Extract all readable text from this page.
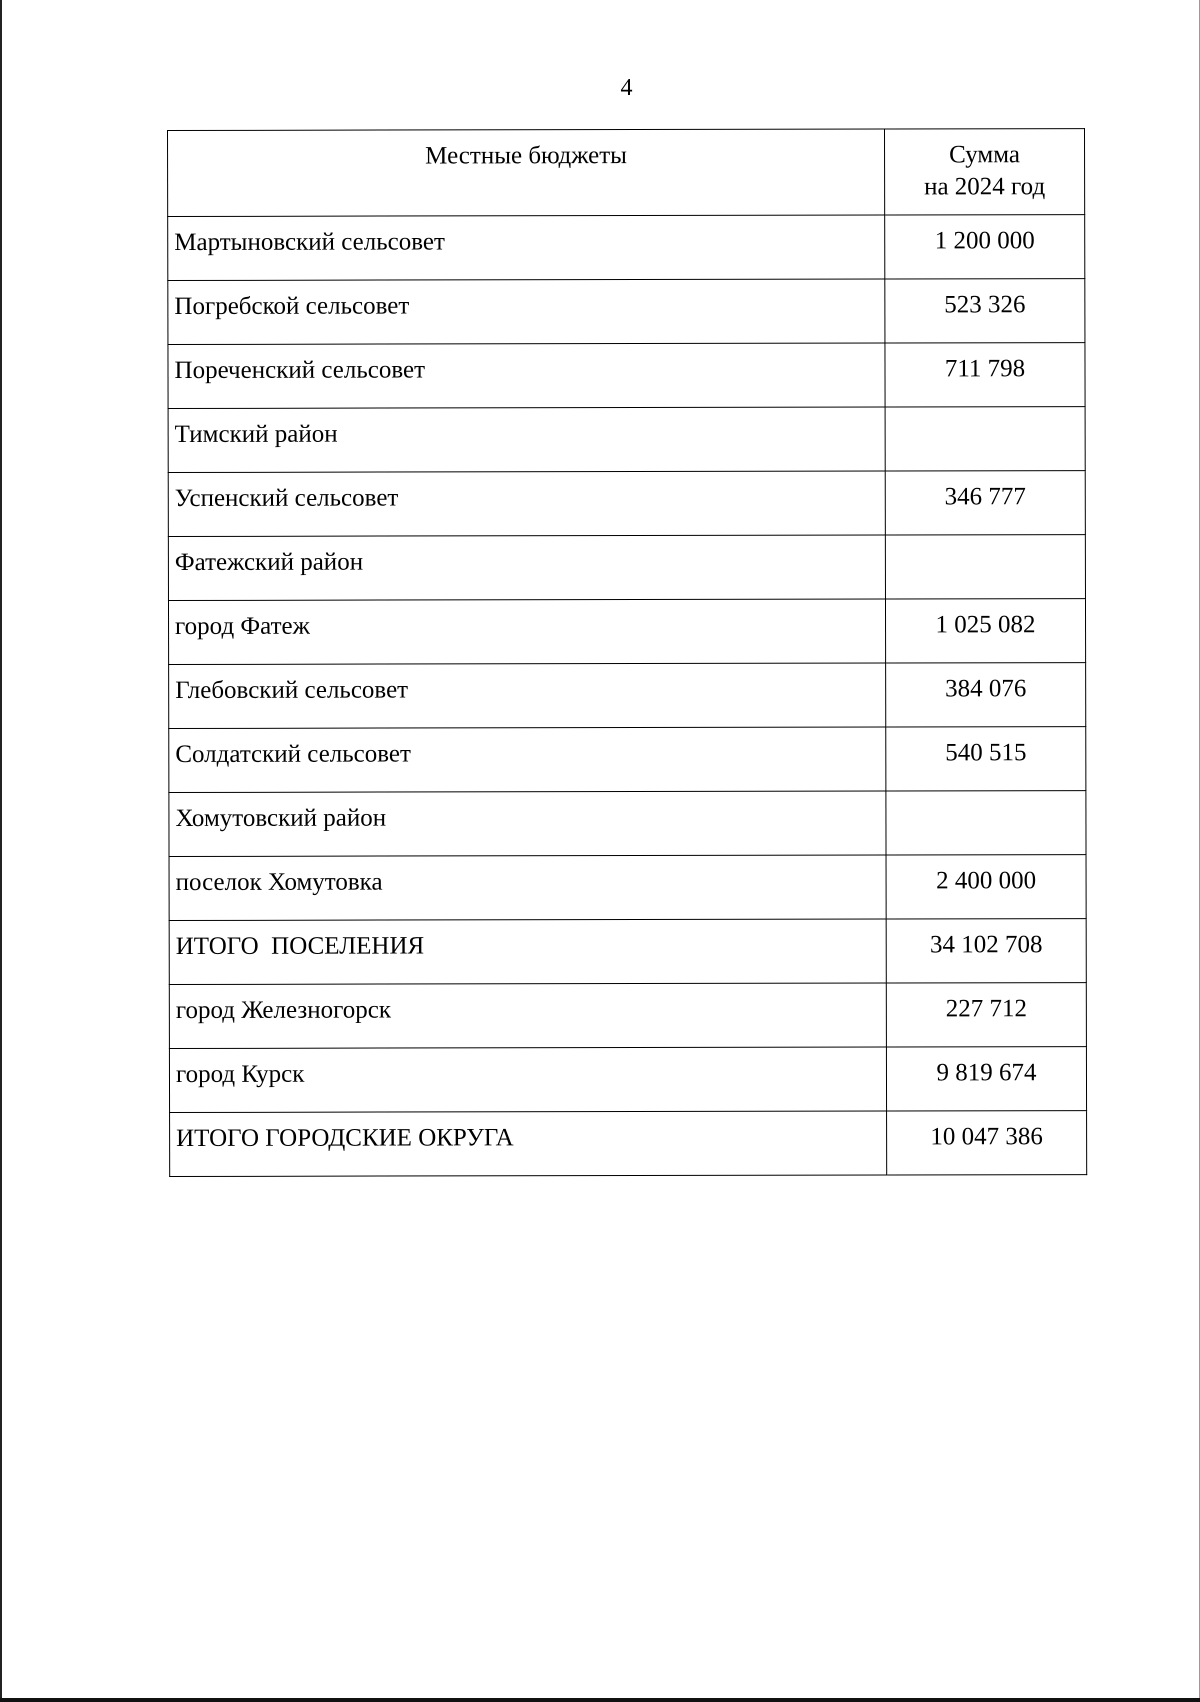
4
Местные бюджеты	Сумма
на 2024 год

Мартыновский сельсовет	1 200 000
Погребской сельсовет	523 326
Пореченский сельсовет	711 798
Тимский район	
Успенский сельсовет	346 777
Фатежский район	
город Фатеж	1 025 082
Глебовский сельсовет	384 076
Солдатский сельсовет	540 515
Хомутовский район	
поселок Хомутовка	2 400 000
ИТОГО  ПОСЕЛЕНИЯ	34 102 708
город Железногорск	227 712
город Курск	9 819 674
ИТОГО ГОРОДСКИЕ ОКРУГА	10 047 386
